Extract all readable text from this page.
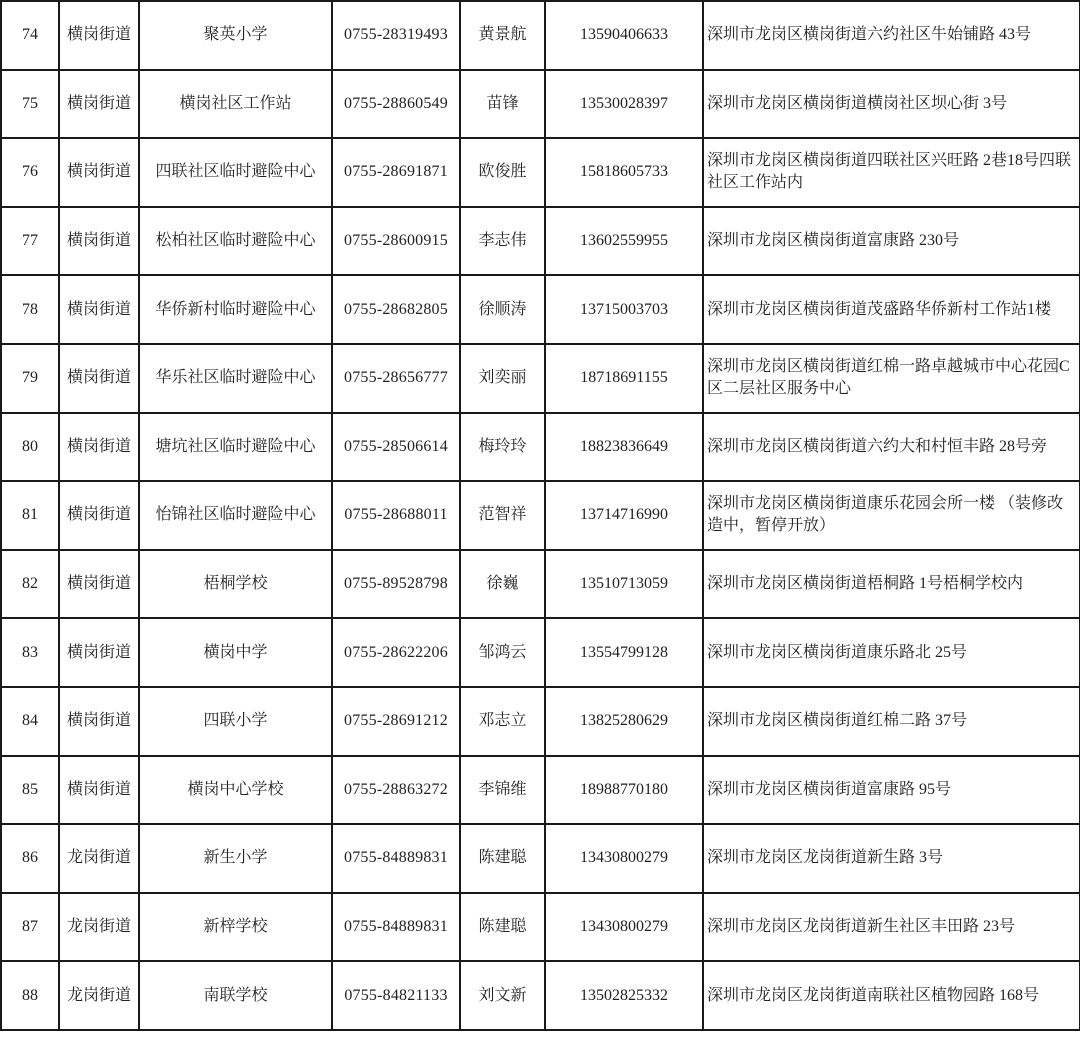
74	横岗街道	聚英小学	0755-28319493	黄景航	13590406633	深圳市龙岗区横岗街道六约社区牛始铺路 43号
75	横岗街道	横岗社区工作站	0755-28860549	苗锋	13530028397	深圳市龙岗区横岗街道横岗社区坝心街 3号
76	横岗街道	四联社区临时避险中心	0755-28691871	欧俊胜	15818605733	深圳市龙岗区横岗街道四联社区兴旺路 2巷18号四联社区工作站内
77	横岗街道	松柏社区临时避险中心	0755-28600915	李志伟	13602559955	深圳市龙岗区横岗街道富康路 230号
78	横岗街道	华侨新村临时避险中心	0755-28682805	徐顺涛	13715003703	深圳市龙岗区横岗街道茂盛路华侨新村工作站1楼
79	横岗街道	华乐社区临时避险中心	0755-28656777	刘奕丽	18718691155	深圳市龙岗区横岗街道红棉一路卓越城市中心花园C区二层社区服务中心
80	横岗街道	塘坑社区临时避险中心	0755-28506614	梅玲玲	18823836649	深圳市龙岗区横岗街道六约大和村恒丰路 28号旁
81	横岗街道	怡锦社区临时避险中心	0755-28688011	范智祥	13714716990	深圳市龙岗区横岗街道康乐花园会所一楼 （装修改造中，暂停开放）
82	横岗街道	梧桐学校	0755-89528798	徐巍	13510713059	深圳市龙岗区横岗街道梧桐路 1号梧桐学校内
83	横岗街道	横岗中学	0755-28622206	邹鸿云	13554799128	深圳市龙岗区横岗街道康乐路北 25号
84	横岗街道	四联小学	0755-28691212	邓志立	13825280629	深圳市龙岗区横岗街道红棉二路 37号
85	横岗街道	横岗中心学校	0755-28863272	李锦维	18988770180	深圳市龙岗区横岗街道富康路 95号
86	龙岗街道	新生小学	0755-84889831	陈建聪	13430800279	深圳市龙岗区龙岗街道新生路 3号
87	龙岗街道	新梓学校	0755-84889831	陈建聪	13430800279	深圳市龙岗区龙岗街道新生社区丰田路 23号
88	龙岗街道	南联学校	0755-84821133	刘文新	13502825332	深圳市龙岗区龙岗街道南联社区植物园路 168号
